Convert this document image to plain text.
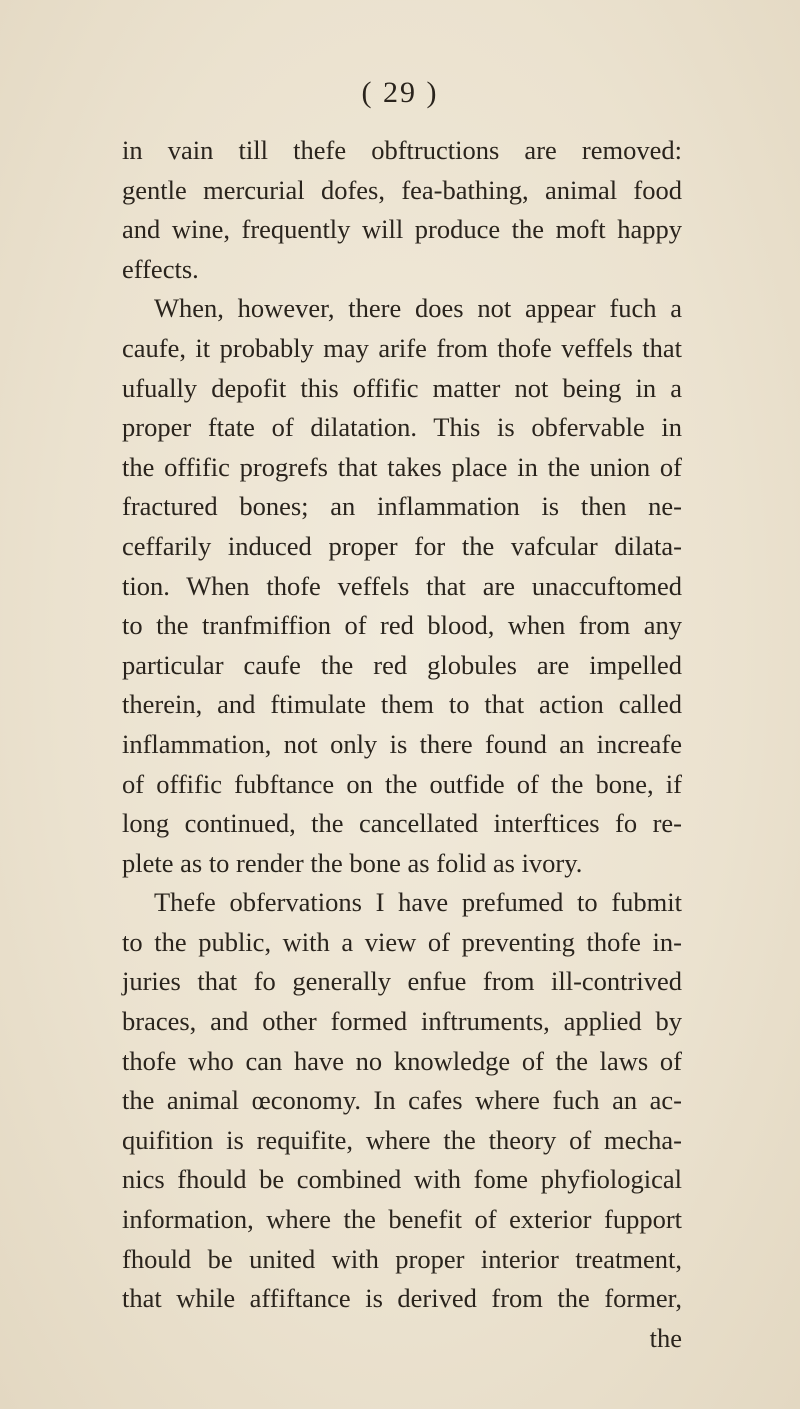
( 29 )
in vain till thefe obftructions are removed:
gentle mercurial dofes, fea-bathing, animal food
and wine, frequently will produce the moft happy
effects.
When, however, there does not appear fuch a
caufe, it probably may arife from thofe veffels that
ufually depofit this offific matter not being in a
proper ftate of dilatation. This is obfervable in
the offific progrefs that takes place in the union of
fractured bones; an inflammation is then ne-
ceffarily induced proper for the vafcular dilata-
tion. When thofe veffels that are unaccuftomed
to the tranfmiffion of red blood, when from any
particular caufe the red globules are impelled
therein, and ftimulate them to that action called
inflammation, not only is there found an increafe
of offific fubftance on the outfide of the bone, if
long continued, the cancellated interftices fo re-
plete as to render the bone as folid as ivory.
Thefe obfervations I have prefumed to fubmit
to the public, with a view of preventing thofe in-
juries that fo generally enfue from ill-contrived
braces, and other formed inftruments, applied by
thofe who can have no knowledge of the laws of
the animal œconomy. In cafes where fuch an ac-
quifition is requifite, where the theory of mecha-
nics fhould be combined with fome phyfiological
information, where the benefit of exterior fupport
fhould be united with proper interior treatment,
that while affiftance is derived from the former,
the
